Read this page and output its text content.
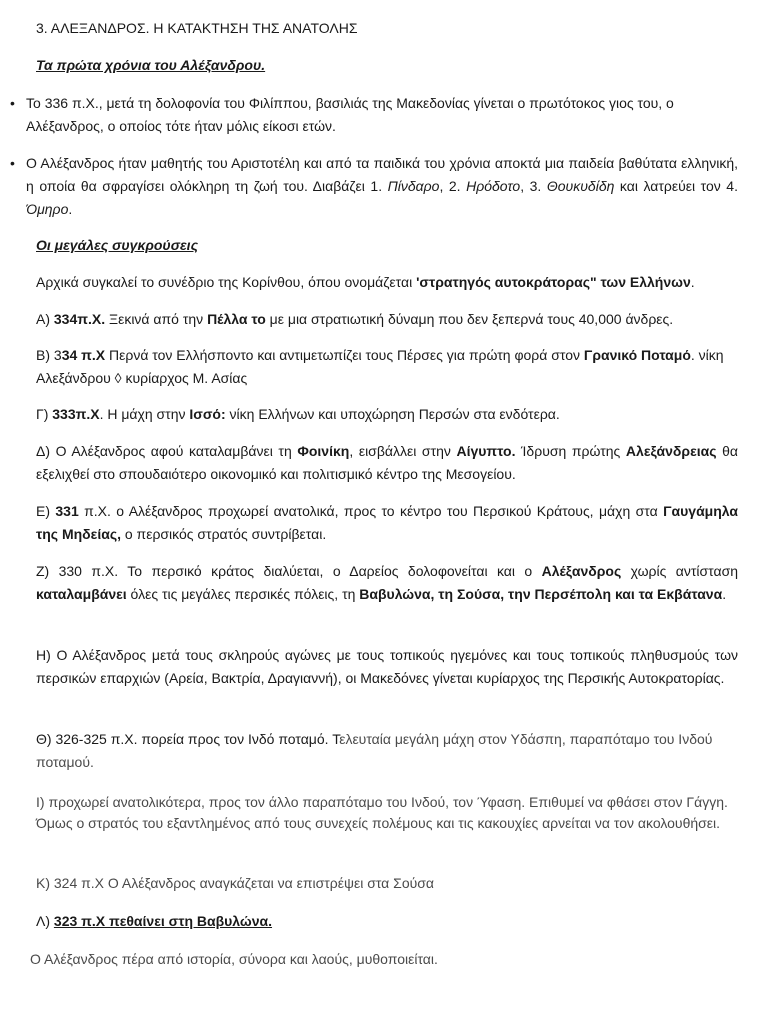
3. ΑΛΕΞΑΝΔΡΟΣ. Η ΚΑΤΑΚΤΗΣΗ ΤΗΣ ΑΝΑΤΟΛΗΣ

Τα πρώτα χρόνια του Αλέξανδρου.

• Το 336 π.Χ., μετά τη δολοφονία του Φιλίππου, βασιλιάς της Μακεδονίας γίνεται ο πρωτότοκος γιος του, ο Αλέξανδρος, ο οποίος τότε ήταν μόλις είκοσι ετών.

• Ο Αλέξανδρος ήταν μαθητής του Αριστοτέλη και από τα παιδικά του χρόνια αποκτά μια παιδεία βαθύτατα ελληνική, η οποία θα σφραγίσει ολόκληρη τη ζωή του. Διαβάζει 1. Πίνδαρο, 2. Ηρόδοτο, 3. Θουκυδίδη και λατρεύει τον 4. Όμηρο.

Οι μεγάλες συγκρούσεις

Αρχικά συγκαλεί το συνέδριο της Κορίνθου, όπου ονομάζεται 'στρατηγός αυτοκράτορας" των Ελλήνων.

Α) 334π.Χ. Ξεκινά από την Πέλλα το με μια στρατιωτική δύναμη που δεν ξεπερνά τους 40,000 άνδρες.

Β) 334 π.Χ Περνά τον Ελλήσποντο και αντιμετωπίζει τους Πέρσες για πρώτη φορά στον Γρανικό Ποταμό. νίκη Αλεξάνδρου ◊ κυρίαρχος Μ. Ασίας

Γ) 333π.Χ. Η μάχη στην Ισσό: νίκη Ελλήνων και υποχώρηση Περσών στα ενδότερα.

Δ) Ο Αλέξανδρος αφού καταλαμβάνει τη Φοινίκη, εισβάλλει στην Αίγυπτο. Ίδρυση πρώτης Αλεξάνδρειας θα εξελιχθεί στο σπουδαιότερο οικονομικό και πολιτισμικό κέντρο της Μεσογείου.

Ε) 331 π.Χ. ο Αλέξανδρος προχωρεί ανατολικά, προς το κέντρο του Περσικού Κράτους, μάχη στα Γαυγάμηλα της Μηδείας, ο περσικός στρατός συντρίβεται.

Ζ) 330 π.Χ. Το περσικό κράτος διαλύεται, ο Δαρείος δολοφονείται και ο Αλέξανδρος χωρίς αντίσταση καταλαμβάνει όλες τις μεγάλες περσικές πόλεις, τη Βαβυλώνα, τη Σούσα, την Περσέπολη και τα Εκβάτανα.

Η) Ο Αλέξανδρος μετά τους σκληρούς αγώνες με τους τοπικούς ηγεμόνες και τους τοπικούς πληθυσμούς των περσικών επαρχιών (Αρεία, Βακτρία, Δραγιαννή), οι Μακεδόνες γίνεται κυρίαρχος της Περσικής Αυτοκρατορίας.

Θ) 326-325 π.Χ. πορεία προς τον Ινδό ποταμό. Τελευταία μεγάλη μάχη στον Υδάσπη, παραπόταμο του Ινδού ποταμού.

Ι) προχωρεί ανατολικότερα, προς τον άλλο παραπόταμο του Ινδού, τον Ύφαση. Επιθυμεί να φθάσει στον Γάγγη. Όμως ο στρατός του εξαντλημένος από τους συνεχείς πολέμους και τις κακουχίες αρνείται να τον ακολουθήσει.

Κ) 324 π.Χ Ο Αλέξανδρος αναγκάζεται να επιστρέψει στα Σούσα

Λ) 323 π.Χ πεθαίνει στη Βαβυλώνα.

Ο Αλέξανδρος πέρα από ιστορία, σύνορα και λαούς, μυθοποιείται.
